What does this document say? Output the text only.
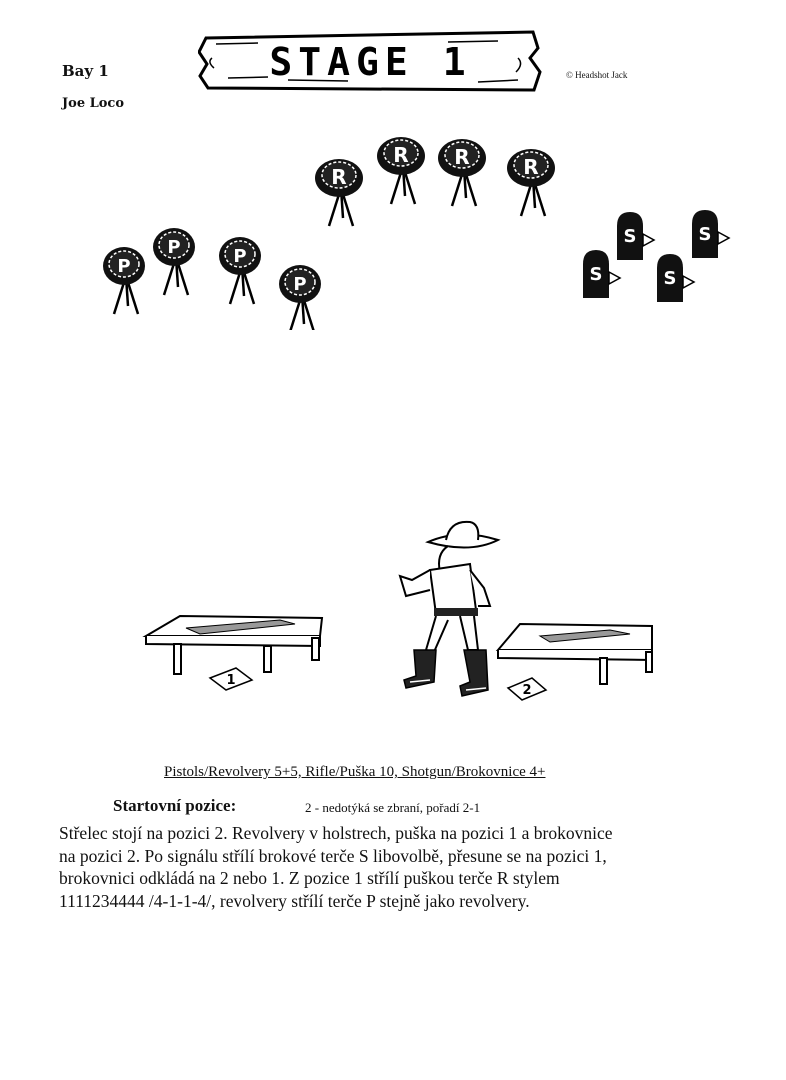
Bay 1
Joe Loco
© Headshot Jack
STAGE 1
R
R R	R
P
P	P
P
S	S
S	S
1
2
Pistols/Revolvery 5+5, Rifle/Puška 10, Shotgun/Brokovnice 4+
Startovní pozice:	2 - nedotýká se zbraní, pořadí 2-1

Střelec stojí na pozici 2. Revolvery v holstrech, puška na pozici 1 a brokovnice

na pozici 2. Po signálu střílí brokové terče S libovolbě, přesune se na pozici 1,

brokovnici odkládá na 2 nebo 1. Z pozice 1 střílí puškou terče R stylem

1111234444 /4-1-1-4/, revolvery střílí terče P stejně jako revolvery.
